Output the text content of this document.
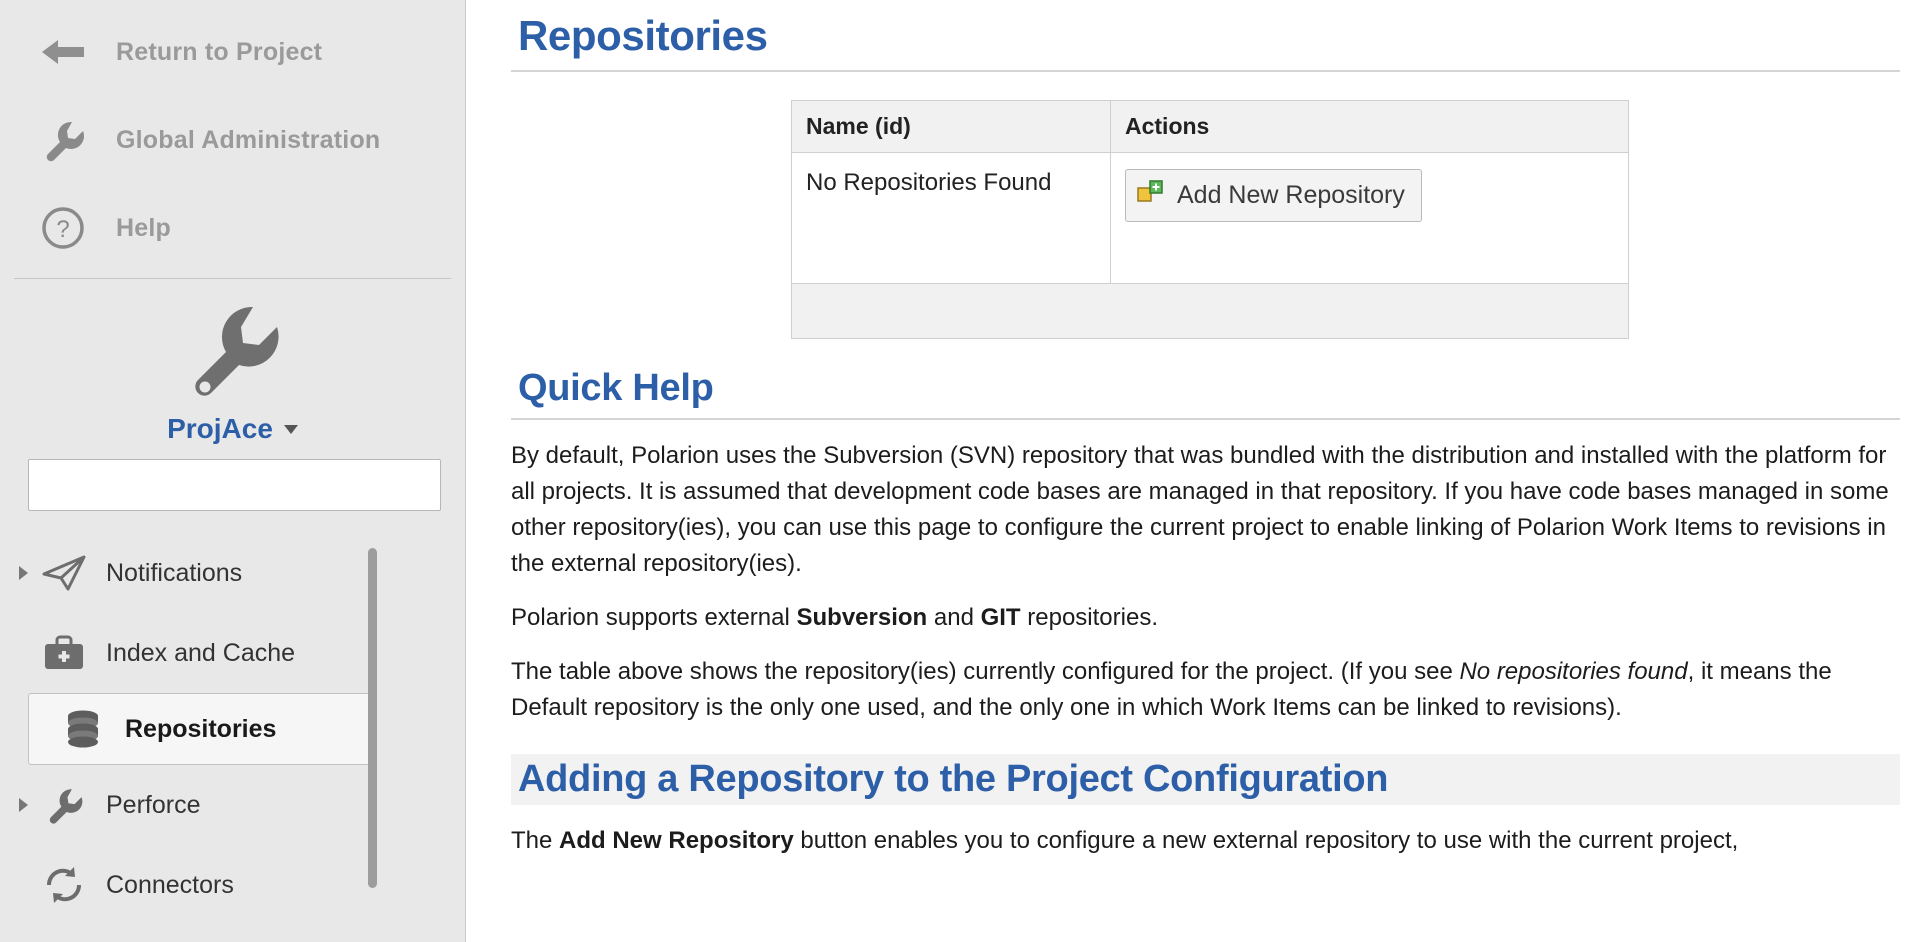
Return to Project
Global Administration
? Help
ProjAce
Notifications
Index and Cache
Repositories
Perforce
Connectors
Repositories
Name (id)	Actions
No Repositories Found	Add New Repository

Quick Help

By default, Polarion uses the Subversion (SVN) repository that was bundled with the distribution and installed with the platform for all projects. It is assumed that development code bases are managed in that repository. If you have code bases managed in some other repository(ies), you can use this page to configure the current project to enable linking of Polarion Work Items to revisions in the external repository(ies).

Polarion supports external Subversion and GIT repositories.

The table above shows the repository(ies) currently configured for the project. (If you see No repositories found, it means the Default repository is the only one used, and the only one in which Work Items can be linked to revisions).

Adding a Repository to the Project Configuration

The Add New Repository button enables you to configure a new external repository to use with the current project,
